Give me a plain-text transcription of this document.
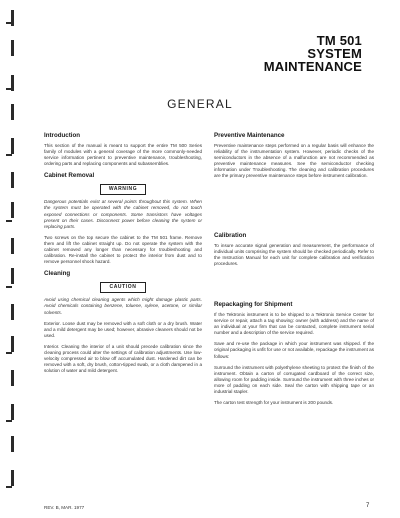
TM 501
SYSTEM
MAINTENANCE
GENERAL
Introduction

This section of the manual is meant to support the entire TM 500 Series family of modules with a general coverage of the more commonly-needed service information pertinent to preventive maintenance, troubleshooting, ordering parts and replacing components and subassemblies.

Cabinet Removal
WARNING

Dangerous potentials exist at several points throughout this system. When the system must be operated with the cabinet removed, do not touch exposed connections or components. Some transistors have voltages present on their cases. Disconnect power before cleaning the system or replacing parts.

Two screws on the top secure the cabinet to the TM 501 frame. Remove them and lift the cabinet straight up. Do not operate the system with the cabinet removed any longer than necessary for troubleshooting and calibration. Re-install the cabinet to protect the interior from dust and to remove personnel shock hazard.

Cleaning
CAUTION

Avoid using chemical cleaning agents which might damage plastic parts. Avoid chemicals containing benzene, toluene, xylene, acetone, or similar solvents.

Exterior. Loose dust may be removed with a soft cloth or a dry brush. Water and a mild detergent may be used; however, abrasive cleaners should not be used.

Interior. Cleaning the interior of a unit should precede calibration since the cleaning process could alter the settings of calibration adjustments. Use low-velocity compressed air to blow off accumulated dust. Hardened dirt can be removed with a soft, dry brush, cotton-tipped swab, or a cloth dampened in a solution of water and mild detergent.

Preventive Maintenance

Preventive maintenance steps performed on a regular basis will enhance the reliability of the instrumentation system. However, periodic checks of the semiconductors in the absence of a malfunction are not recommended as preventive maintenance measures. See the semiconductor checking information under Troubleshooting. The cleaning and calibration procedures are the primary preventive maintenance steps before instrument calibration.

Calibration

To insure accurate signal generation and measurement, the performance of individual units comprising the system should be checked periodically. Refer to the Instruction Manual for each unit for complete calibration and verification procedures.

Repackaging for Shipment

If the Tektronix instrument is to be shipped to a Tektronix Service Center for service or repair, attach a tag showing: owner (with address) and the name of an individual at your firm that can be contacted, complete instrument serial number and a description of the service required.

Save and re-use the package in which your instrument was shipped. If the original packaging is unfit for use or not available, repackage the instrument as follows:

Surround the instrument with polyethylene sheeting to protect the finish of the instrument. Obtain a carton of corrugated cardboard of the correct size, allowing room for padding inside. Surround the instrument with three inches or more of padding on each side. Seal the carton with shipping tape or an industrial stapler.

The carton test strength for your instrument is 200 pounds.

REV. B, MAR. 1977	7
